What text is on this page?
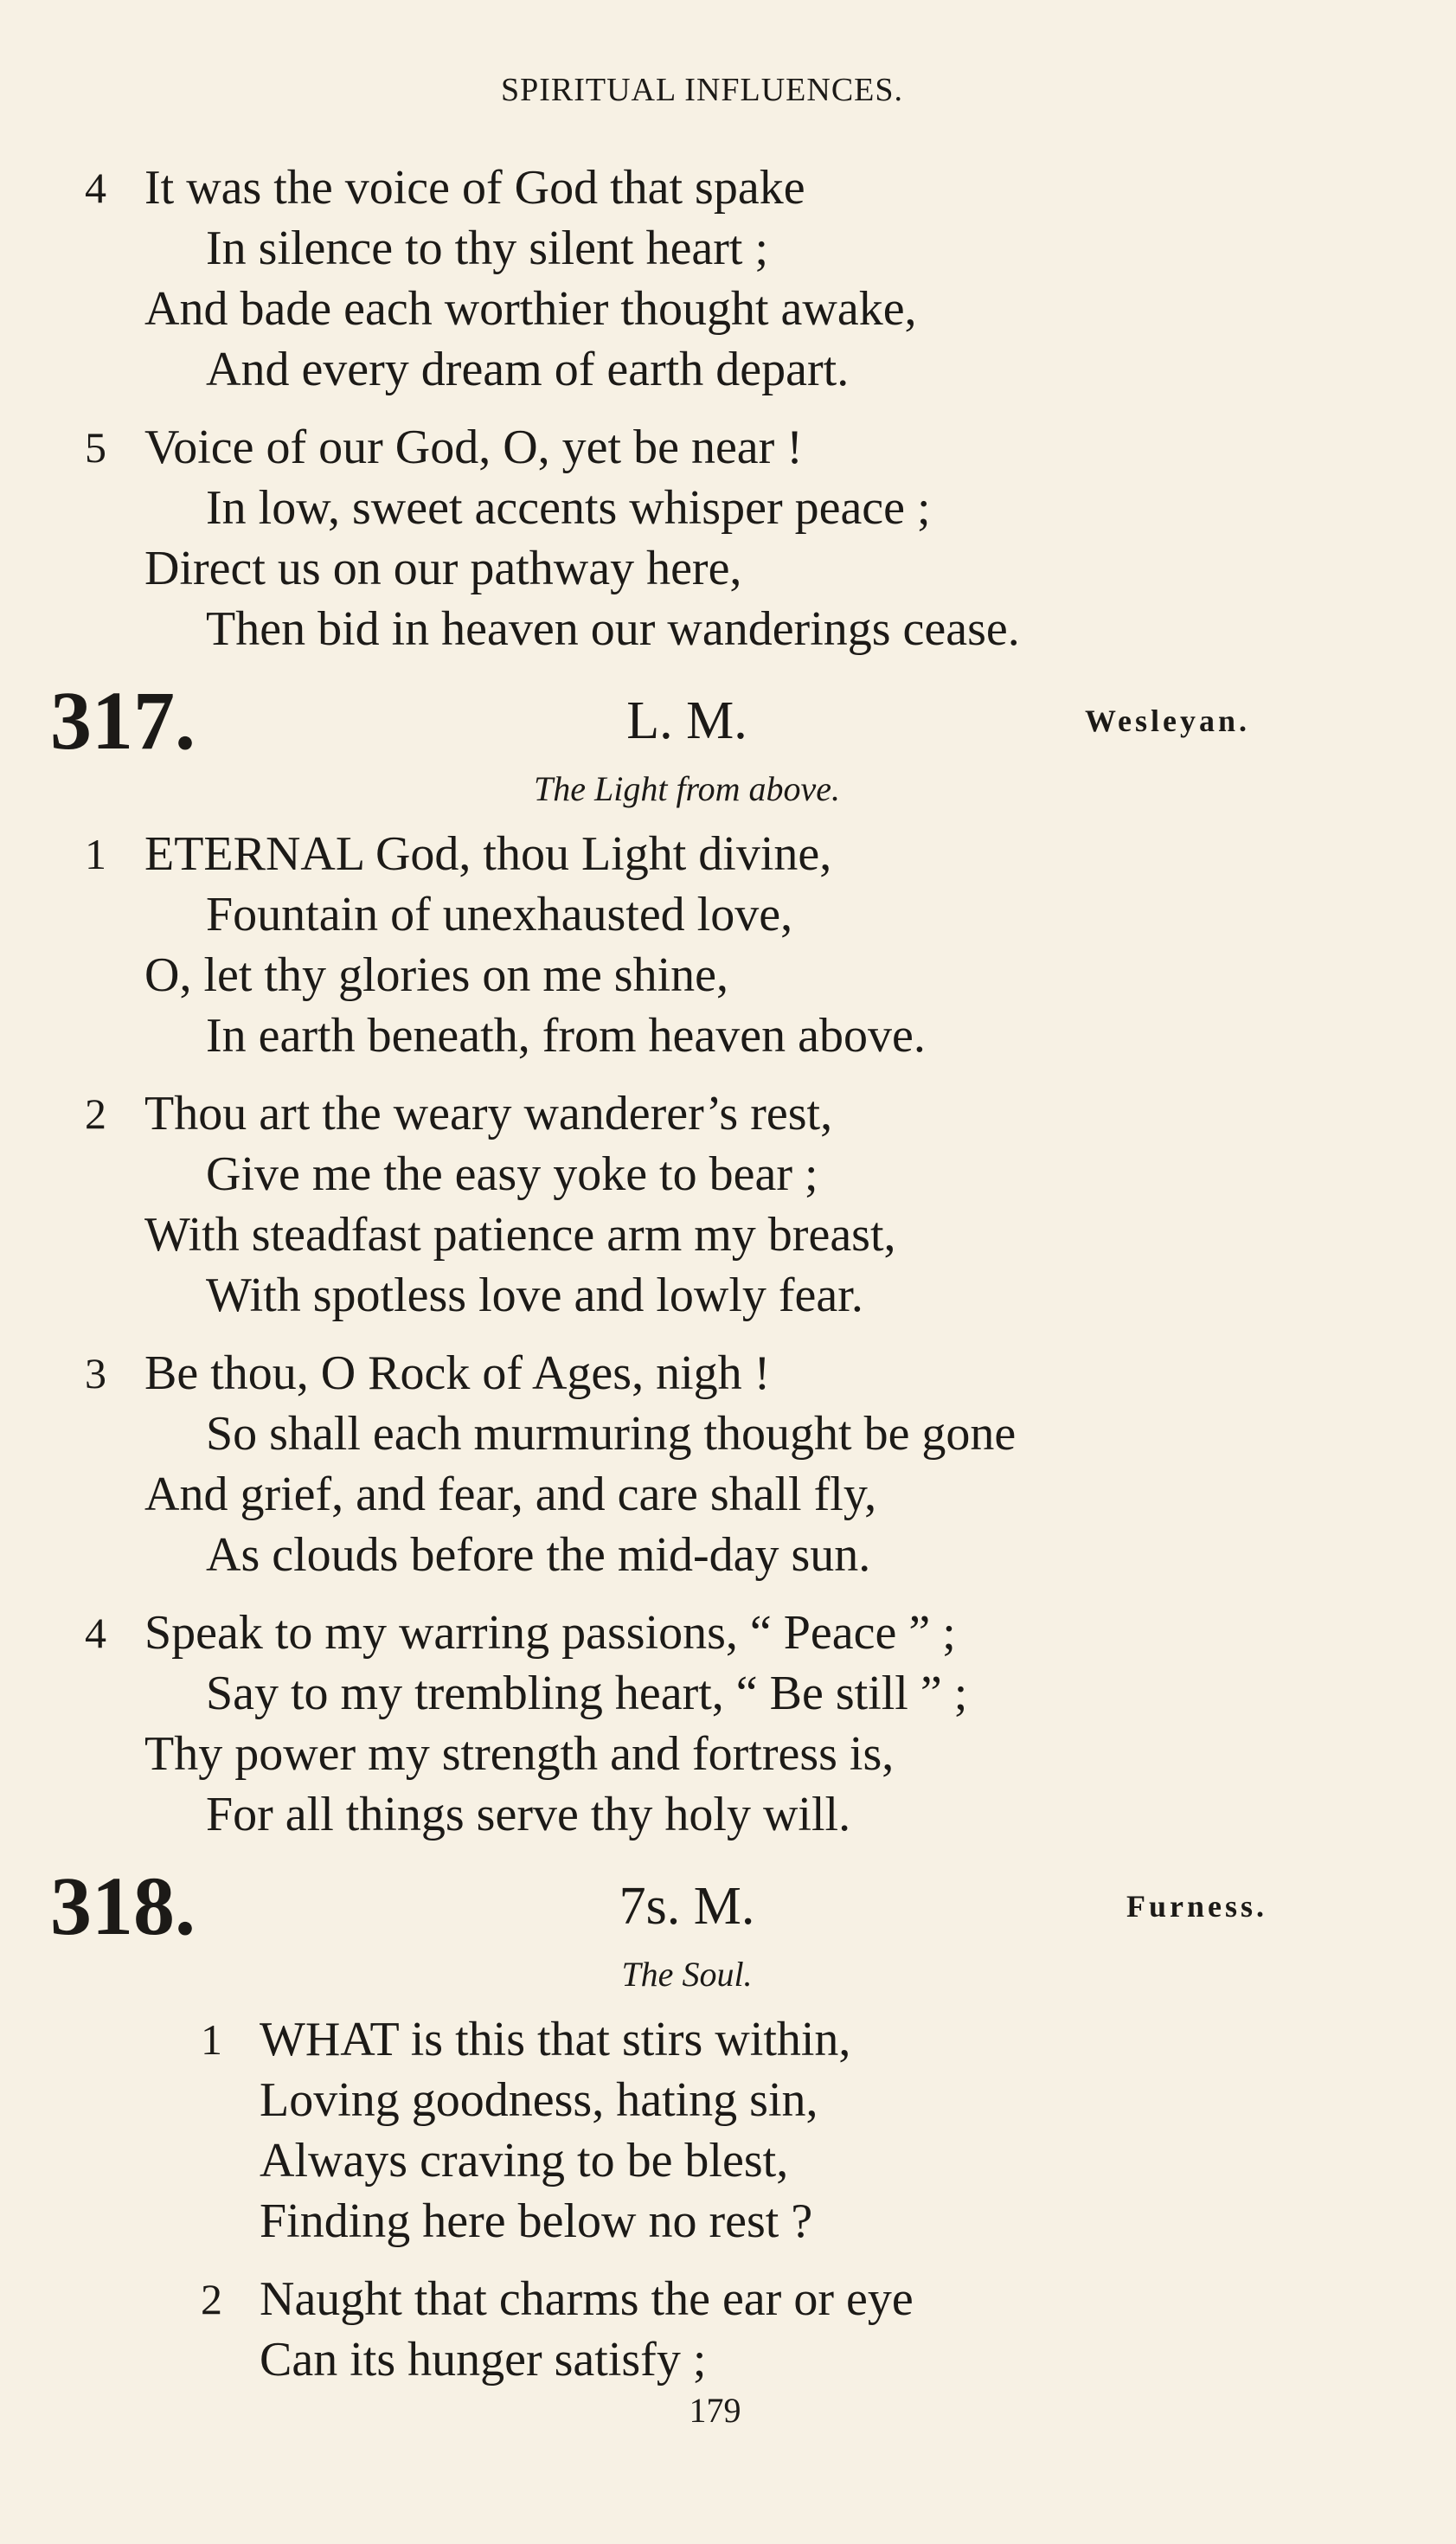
SPIRITUAL INFLUENCES.
4 It was the voice of God that spake
In silence to thy silent heart ;
And bade each worthier thought awake,
And every dream of earth depart.
5 Voice of our God, O, yet be near !
In low, sweet accents whisper peace ;
Direct us on our pathway here,
Then bid in heaven our wanderings cease.
317.	L. M.	Wesleyan.
The Light from above.
1 ETERNAL God, thou Light divine,
Fountain of unexhausted love,
O, let thy glories on me shine,
In earth beneath, from heaven above.
2 Thou art the weary wanderer’s rest,
Give me the easy yoke to bear ;
With steadfast patience arm my breast,
With spotless love and lowly fear.
3 Be thou, O Rock of Ages, nigh !
So shall each murmuring thought be gone
And grief, and fear, and care shall fly,
As clouds before the mid-day sun.
4 Speak to my warring passions, “ Peace ” ;
Say to my trembling heart, “ Be still ” ;
Thy power my strength and fortress is,
For all things serve thy holy will.
318.	7s. M.	Furness.
The Soul.
1 WHAT is this that stirs within,
Loving goodness, hating sin,
Always craving to be blest,
Finding here below no rest ?
2 Naught that charms the ear or eye
Can its hunger satisfy ;
179
